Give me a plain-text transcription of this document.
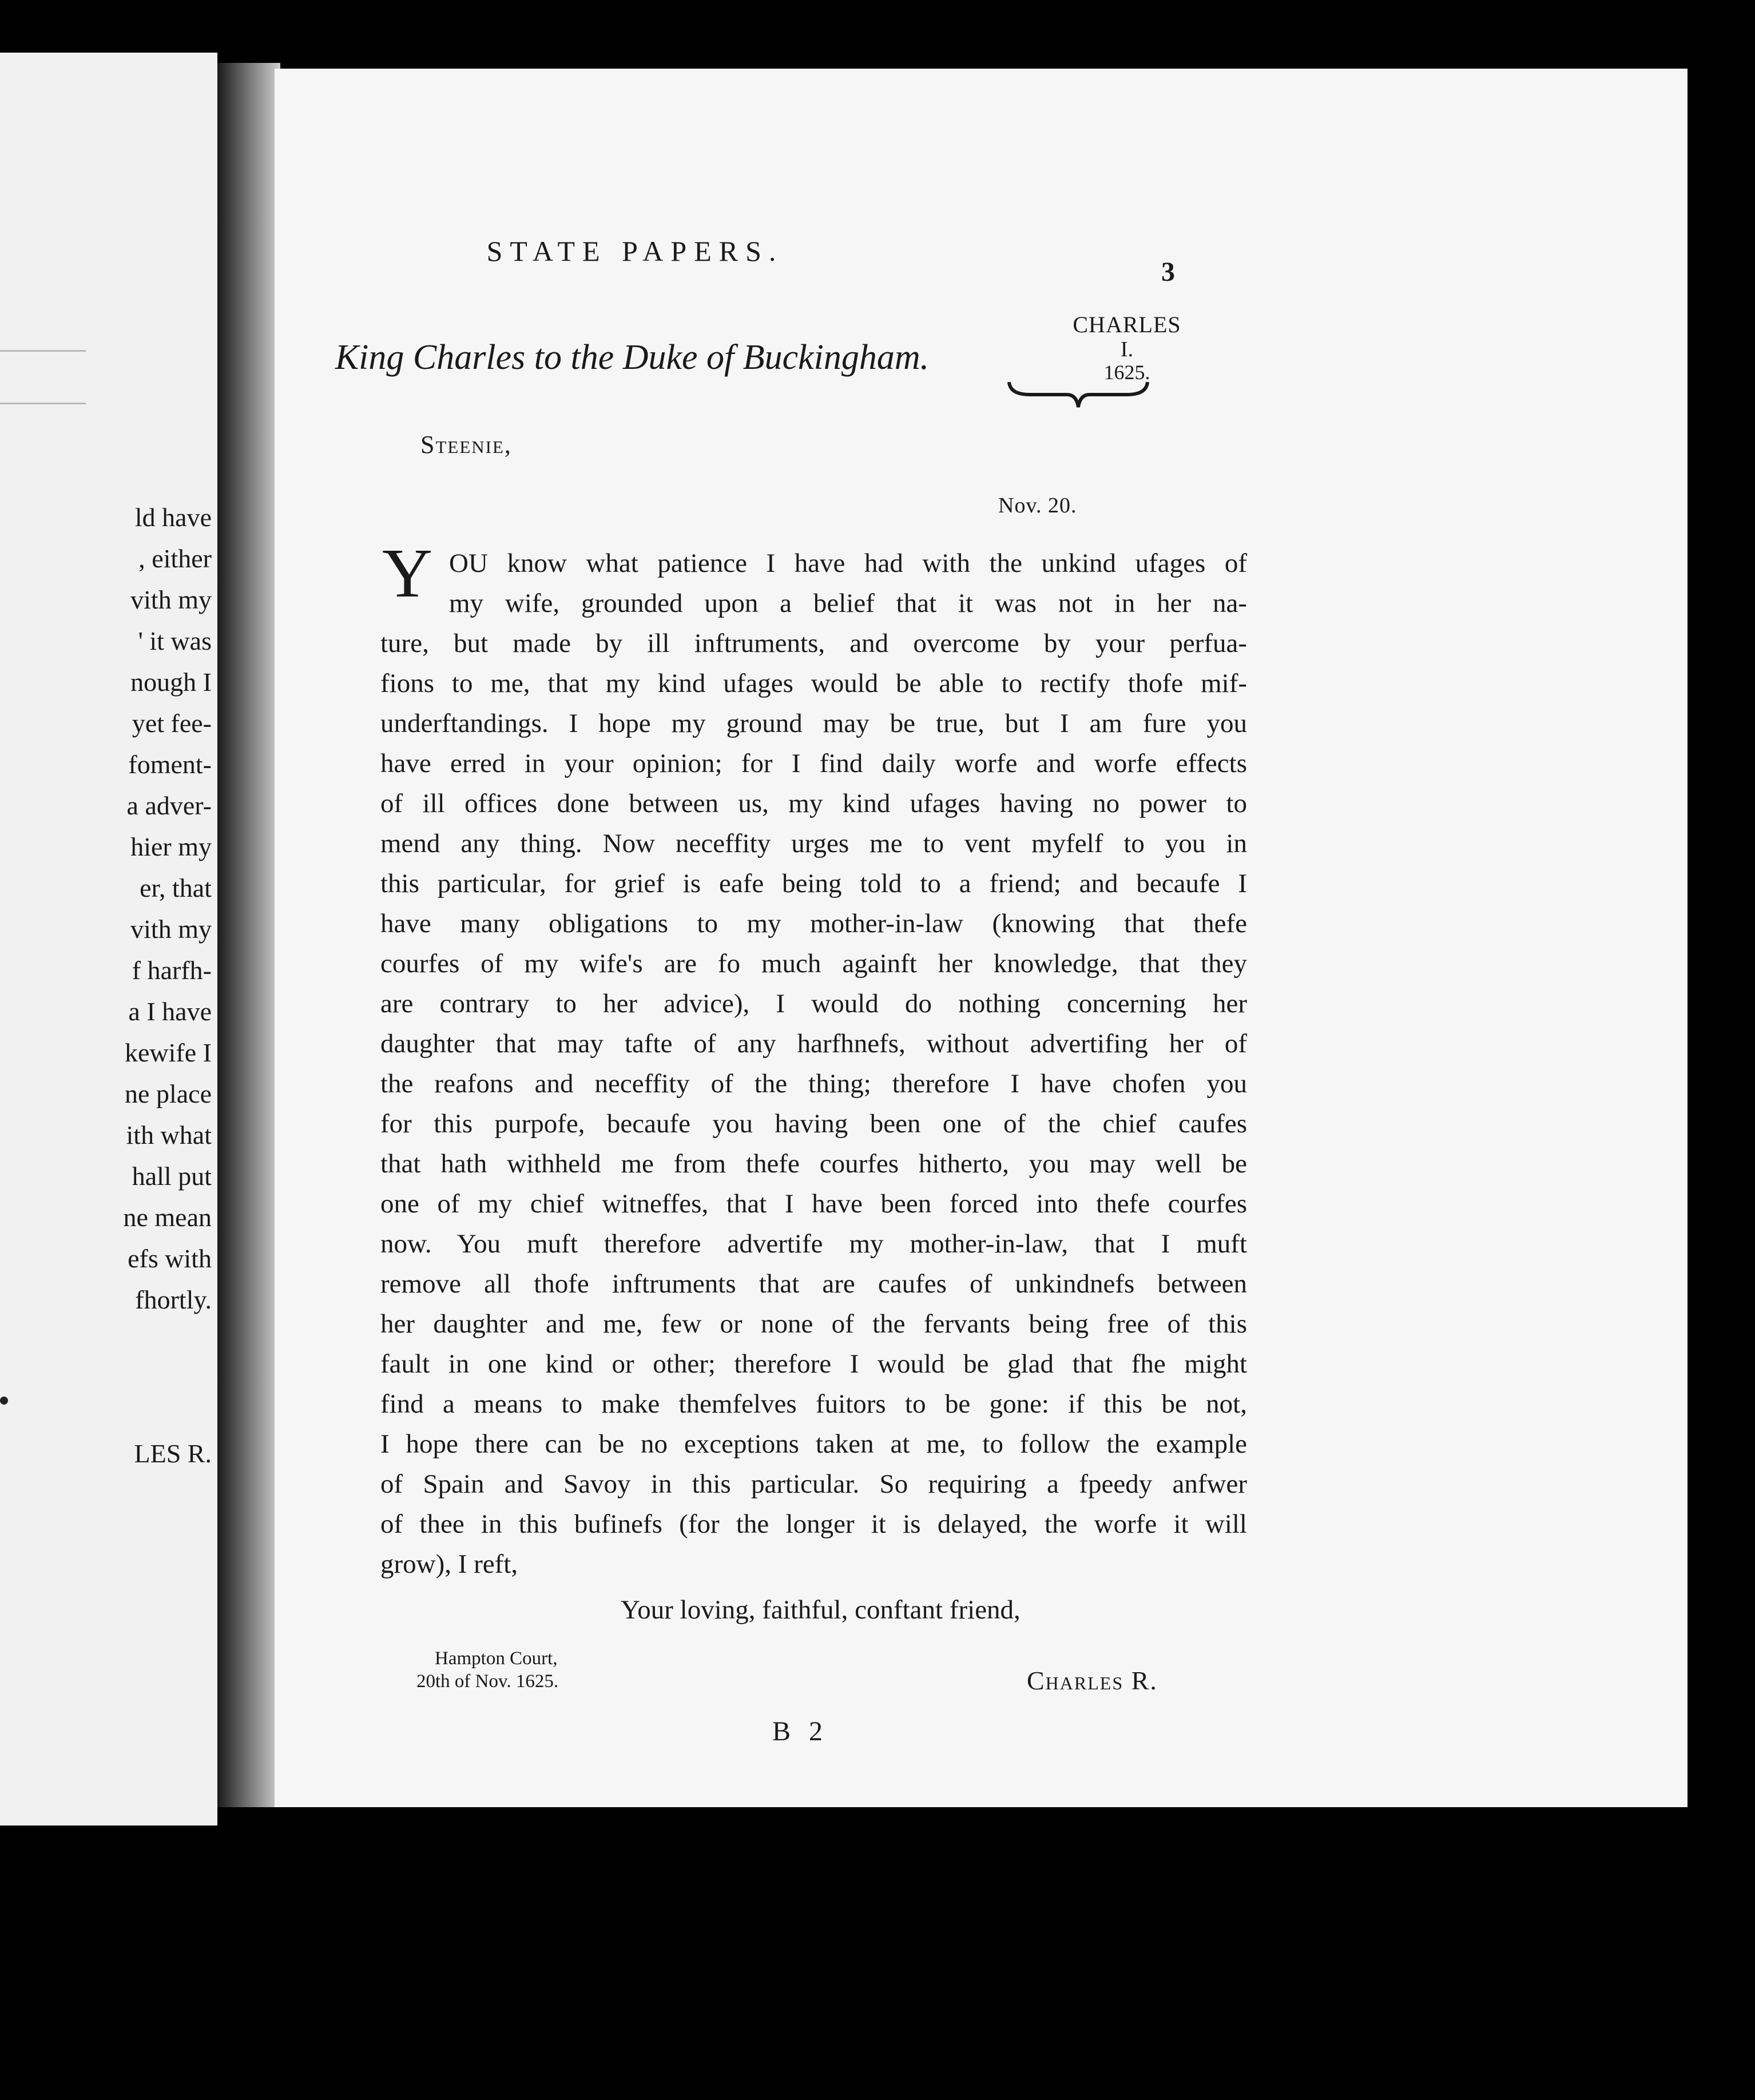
ld have
, either
vith my
' it was
nough I
yet fee-
foment-
a adver-
hier my
er, that
vith my
f harfh-
a I have
kewife I
ne place
ith what
hall put
ne mean
efs with
fhortly.
LES R.
STATE PAPERS.
3
CHARLES
I.
1625.
Nov. 20.
King Charles to the Duke of Buckingham.
Steenie,
Y OU know what patience I have had with the unkind ufages of
my wife, grounded upon a belief that it was not in her na-
ture, but made by ill inftruments, and overcome by your perfua-
fions to me, that my kind ufages would be able to rectify thofe mif-
underftandings. I hope my ground may be true, but I am fure you
have erred in your opinion; for I find daily worfe and worfe effects
of ill offices done between us, my kind ufages having no power to
mend any thing. Now neceffity urges me to vent myfelf to you in
this particular, for grief is eafe being told to a friend; and becaufe I
have many obligations to my mother-in-law (knowing that thefe
courfes of my wife's are fo much againft her knowledge, that they
are contrary to her advice), I would do nothing concerning her
daughter that may tafte of any harfhnefs, without advertifing her of
the reafons and neceffity of the thing; therefore I have chofen you
for this purpofe, becaufe you having been one of the chief caufes
that hath withheld me from thefe courfes hitherto, you may well be
one of my chief witneffes, that I have been forced into thefe courfes
now. You muft therefore advertife my mother-in-law, that I muft
remove all thofe inftruments that are caufes of unkindnefs between
her daughter and me, few or none of the fervants being free of this
fault in one kind or other; therefore I would be glad that fhe might
find a means to make themfelves fuitors to be gone: if this be not,
I hope there can be no exceptions taken at me, to follow the example
of Spain and Savoy in this particular. So requiring a fpeedy anfwer
of thee in this bufinefs (for the longer it is delayed, the worfe it will
grow), I reft,
Your loving, faithful, conftant friend,
Hampton Court,
20th of Nov. 1625.	Charles R.
B 2
